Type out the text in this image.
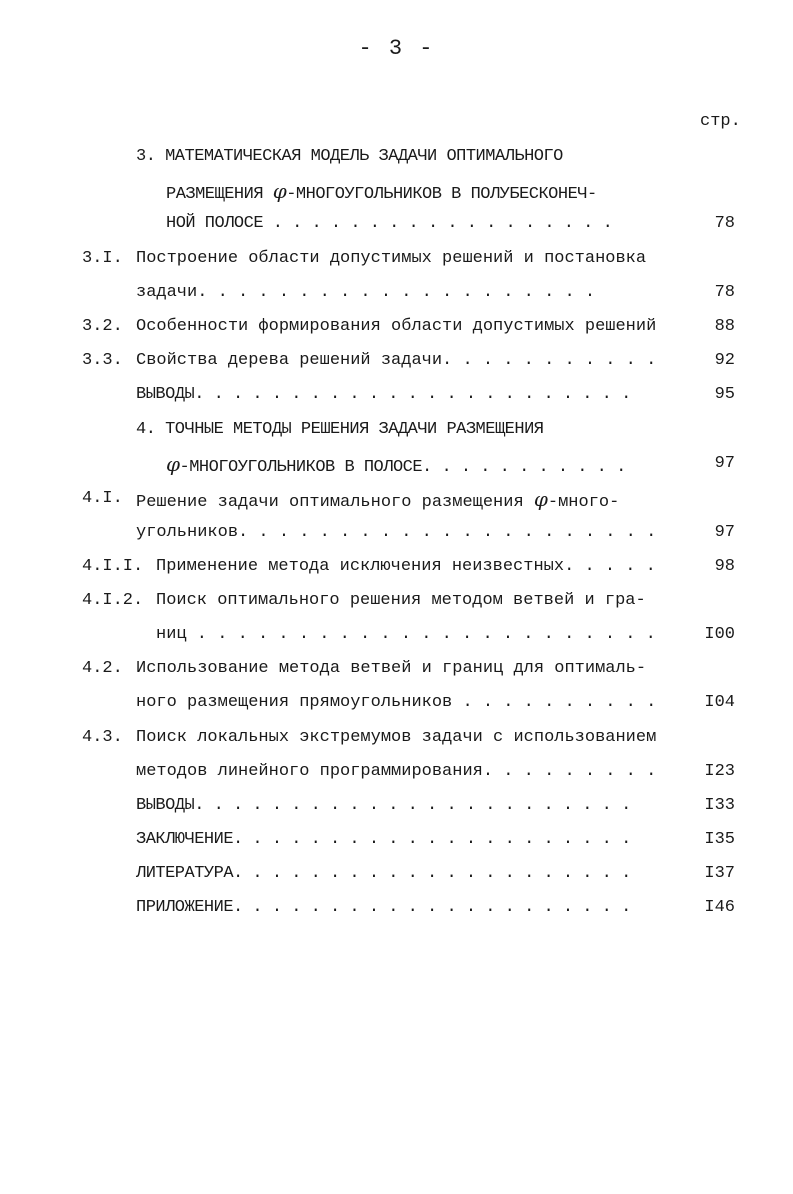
- 3 -
стр.
3. МАТЕМАТИЧЕСКАЯ МОДЕЛЬ ЗАДАЧИ ОПТИМАЛЬНОГО
РАЗМЕЩЕНИЯ φ-МНОГОУГОЛЬНИКОВ В ПОЛУБЕСКОНЕЧ-
НОЙ ПОЛОСЕ . . . . . . . . . . . . . . . . . .	78
3.I. Построение области допустимых решений и постановка
задачи. . . . . . . . . . . . . . . . . . . .	78
3.2. Особенности формирования области допустимых решений	88
3.3. Свойства дерева решений задачи. . . . . . . . . . .	92
ВЫВОДЫ. . . . . . . . . . . . . . . . . . . . . . .	95
4. ТОЧНЫЕ МЕТОДЫ РЕШЕНИЯ ЗАДАЧИ РАЗМЕЩЕНИЯ
φ-МНОГОУГОЛЬНИКОВ В ПОЛОСЕ. . . . . . . . . . .	97
4.I. Решение задачи оптимального размещения φ-много-
угольников. . . . . . . . . . . . . . . . . . . . .	97
4.I.I. Применение метода исключения неизвестных. . . . .	98
4.I.2. Поиск оптимального решения методом ветвей и гра-
ниц . . . . . . . . . . . . . . . . . . . . . . .	I00
4.2. Использование метода ветвей и границ для оптималь-
ного размещения прямоугольников . . . . . . . . . .	I04
4.3. Поиск локальных экстремумов задачи с использованием
методов линейного программирования. . . . . . . . .	I23
ВЫВОДЫ. . . . . . . . . . . . . . . . . . . . . . .	I33
ЗАКЛЮЧЕНИЕ. . . . . . . . . . . . . . . . . . . . .	I35
ЛИТЕРАТУРА. . . . . . . . . . . . . . . . . . . . .	I37
ПРИЛОЖЕНИЕ. . . . . . . . . . . . . . . . . . . . .	I46
